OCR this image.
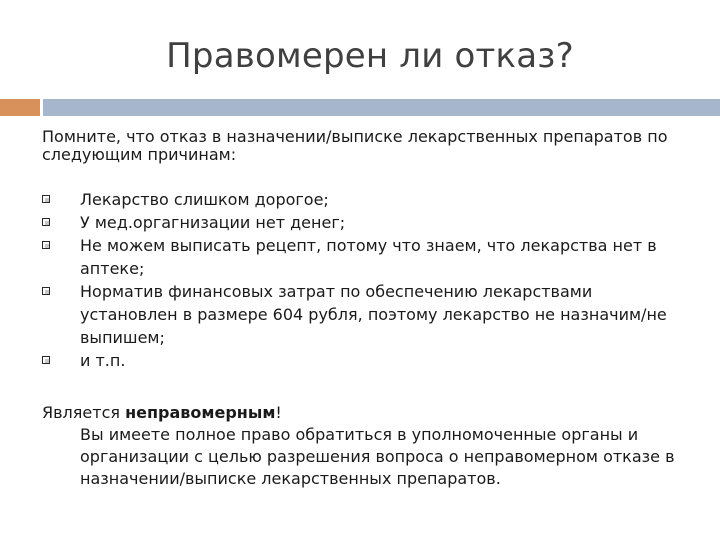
Правомерен ли отказ?
Помните, что отказ в назначении/выписке лекарственных препаратов по следующим причинам:
Лекарство слишком дорогое;
У мед.оргагнизации нет денег;
Не можем выписать рецепт, потому что знаем, что лекарства нет в аптеке;
Норматив финансовых затрат по обеспечению лекарствами установлен в размере 604 рубля, поэтому лекарство не назначим/не выпишем;
и т.п.
Является неправомерным!
Вы имеете полное право обратиться в уполномоченные органы и организации с целью разрешения вопроса о неправомерном отказе в назначении/выписке лекарственных препаратов.
